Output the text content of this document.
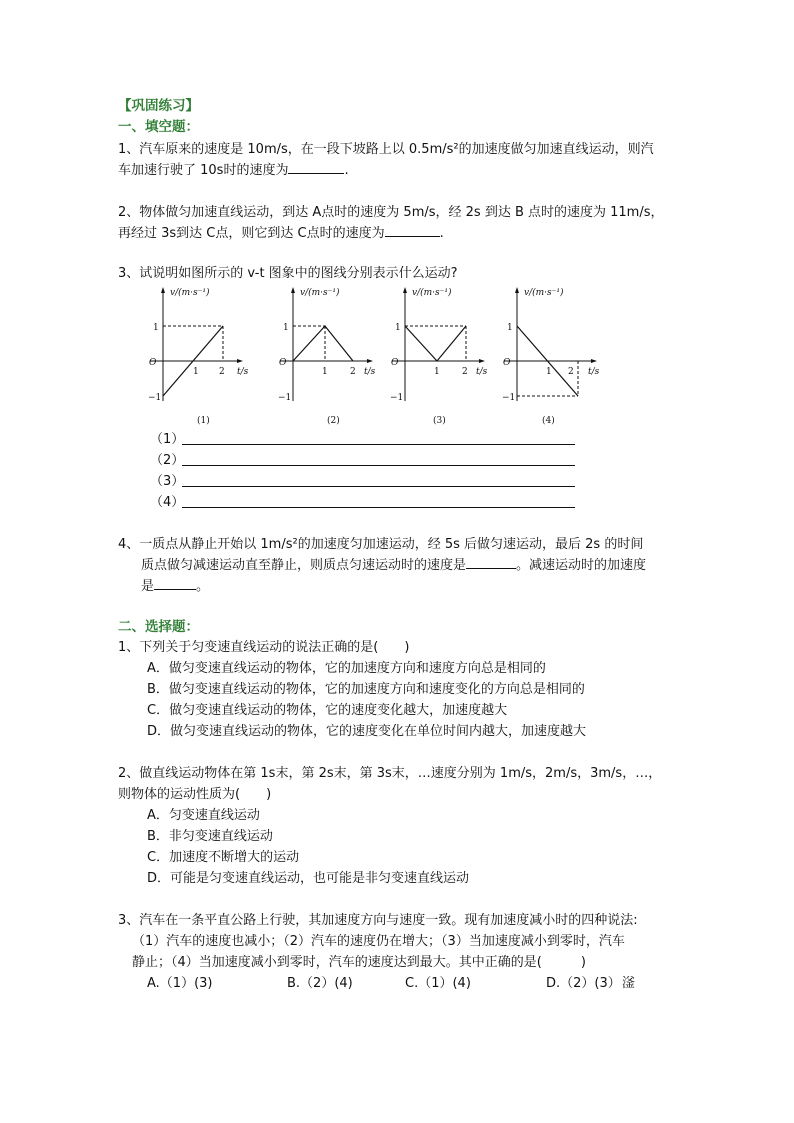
【巩固练习】
一、填空题：
1、汽车原来的速度是 10m/s，在一段下坡路上以 0.5m/s²的加速度做匀加速直线运动，则汽
车加速行驶了 10s时的速度为	.
2、物体做匀加速直线运动，到达 A点时的速度为 5m/s，经 2s 到达 B 点时的速度为 11m/s，
再经过 3s到达 C点，则它到达 C点时的速度为	.
3、试说明如图所示的 v-t 图象中的图线分别表示什么运动?
v/(m·s⁻¹)
O
1
−1
1 2 t/s
(1)
v/(m·s⁻¹)
O
1
−1
1 2 t/s
(2)
v/(m·s⁻¹)
O
1
−1
1 2 t/s
(3)
v/(m·s⁻¹)
O
1
−1
1 2 t/s
(4)
（1）
（2）
（3）
（4）
4、一质点从静止开始以 1m/s²的加速度匀加速运动，经 5s 后做匀速运动，最后 2s 的时间
质点做匀减速运动直至静止，则质点匀速运动时的速度是	。减速运动时的加速度
是	。
二、选择题：
1、下列关于匀变速直线运动的说法正确的是(　　)
A．做匀变速直线运动的物体，它的加速度方向和速度方向总是相同的
B．做匀变速直线运动的物体，它的加速度方向和速度变化的方向总是相同的
C．做匀变速直线运动的物体，它的速度变化越大，加速度越大
D．做匀变速直线运动的物体，它的速度变化在单位时间内越大，加速度越大
2、做直线运动物体在第 1s末，第 2s末，第 3s末，…速度分别为 1m/s，2m/s，3m/s，…，
则物体的运动性质为(　　)
A．匀变速直线运动
B．非匀变速直线运动
C．加速度不断增大的运动
D．可能是匀变速直线运动，也可能是非匀变速直线运动
3、汽车在一条平直公路上行驶，其加速度方向与速度一致。现有加速度减小时的四种说法:
（1）汽车的速度也减小；（2）汽车的速度仍在增大；（3）当加速度减小到零时，汽车
静止；（4）当加速度减小到零时，汽车的速度达到最大。其中正确的是(　　　)
A.（1）(3)	B.（2）(4)	C.（1）(4)	D.（2）(3） 滏
